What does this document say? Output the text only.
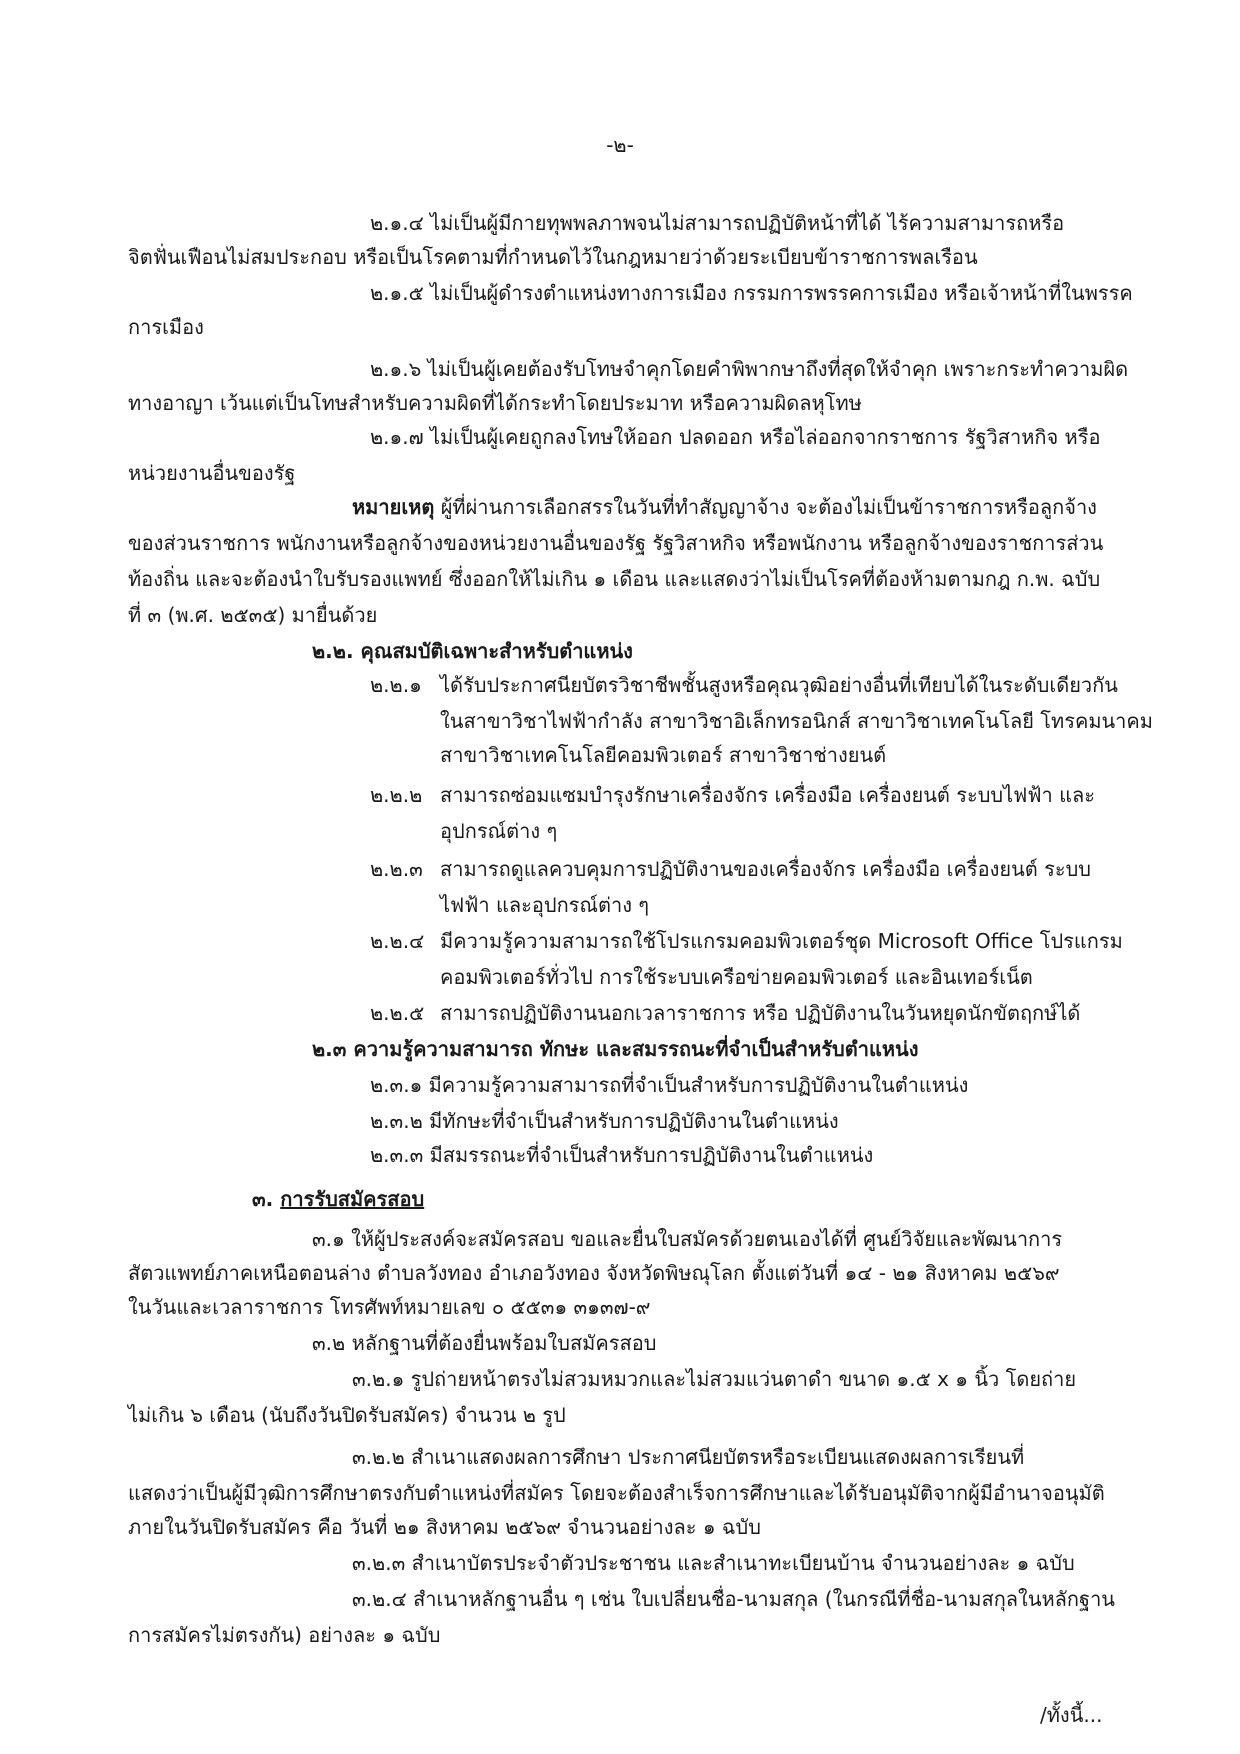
-๒-
๒.๑.๔ ไม่เป็นผู้มีกายทุพพลภาพจนไม่สามารถปฏิบัติหน้าที่ได้ ไร้ความสามารถหรือ
จิตฟั่นเฟือนไม่สมประกอบ หรือเป็นโรคตามที่กำหนดไว้ในกฎหมายว่าด้วยระเบียบข้าราชการพลเรือน
๒.๑.๕ ไม่เป็นผู้ดำรงตำแหน่งทางการเมือง กรรมการพรรคการเมือง หรือเจ้าหน้าที่ในพรรค
การเมือง
๒.๑.๖ ไม่เป็นผู้เคยต้องรับโทษจำคุกโดยคำพิพากษาถึงที่สุดให้จำคุก เพราะกระทำความผิด
ทางอาญา เว้นแต่เป็นโทษสำหรับความผิดที่ได้กระทำโดยประมาท หรือความผิดลหุโทษ
๒.๑.๗ ไม่เป็นผู้เคยถูกลงโทษให้ออก ปลดออก หรือไล่ออกจากราชการ รัฐวิสาหกิจ หรือ
หน่วยงานอื่นของรัฐ
หมายเหตุ ผู้ที่ผ่านการเลือกสรรในวันที่ทำสัญญาจ้าง จะต้องไม่เป็นข้าราชการหรือลูกจ้าง
ของส่วนราชการ พนักงานหรือลูกจ้างของหน่วยงานอื่นของรัฐ รัฐวิสาหกิจ หรือพนักงาน หรือลูกจ้างของราชการส่วน
ท้องถิ่น และจะต้องนำใบรับรองแพทย์ ซึ่งออกให้ไม่เกิน ๑ เดือน และแสดงว่าไม่เป็นโรคที่ต้องห้ามตามกฎ ก.พ. ฉบับ
ที่ ๓ (พ.ศ. ๒๕๓๕) มายื่นด้วย
๒.๒. คุณสมบัติเฉพาะสำหรับตำแหน่ง
๒.๒.๑ ได้รับประกาศนียบัตรวิชาชีพชั้นสูงหรือคุณวุฒิอย่างอื่นที่เทียบได้ในระดับเดียวกัน
ในสาขาวิชาไฟฟ้ากำลัง สาขาวิชาอิเล็กทรอนิกส์ สาขาวิชาเทคโนโลยี โทรคมนาคม
สาขาวิชาเทคโนโลยีคอมพิวเตอร์ สาขาวิชาช่างยนต์
๒.๒.๒ สามารถซ่อมแซมบำรุงรักษาเครื่องจักร เครื่องมือ เครื่องยนต์ ระบบไฟฟ้า และ
อุปกรณ์ต่าง ๆ
๒.๒.๓ สามารถดูแลควบคุมการปฏิบัติงานของเครื่องจักร เครื่องมือ เครื่องยนต์ ระบบ
ไฟฟ้า และอุปกรณ์ต่าง ๆ
๒.๒.๔ มีความรู้ความสามารถใช้โปรแกรมคอมพิวเตอร์ชุด Microsoft Office โปรแกรม
คอมพิวเตอร์ทั่วไป การใช้ระบบเครือข่ายคอมพิวเตอร์ และอินเทอร์เน็ต
๒.๒.๕ สามารถปฏิบัติงานนอกเวลาราชการ หรือ ปฏิบัติงานในวันหยุดนักขัตฤกษ์ได้
๒.๓ ความรู้ความสามารถ ทักษะ และสมรรถนะที่จำเป็นสำหรับตำแหน่ง
๒.๓.๑ มีความรู้ความสามารถที่จำเป็นสำหรับการปฏิบัติงานในตำแหน่ง
๒.๓.๒ มีทักษะที่จำเป็นสำหรับการปฏิบัติงานในตำแหน่ง
๒.๓.๓ มีสมรรถนะที่จำเป็นสำหรับการปฏิบัติงานในตำแหน่ง
๓. การรับสมัครสอบ
๓.๑ ให้ผู้ประสงค์จะสมัครสอบ ขอและยื่นใบสมัครด้วยตนเองได้ที่ ศูนย์วิจัยและพัฒนาการ
สัตวแพทย์ภาคเหนือตอนล่าง ตำบลวังทอง อำเภอวังทอง จังหวัดพิษณุโลก ตั้งแต่วันที่ ๑๔ - ๒๑ สิงหาคม ๒๕๖๙
ในวันและเวลาราชการ โทรศัพท์หมายเลข ๐ ๕๕๓๑ ๓๑๓๗-๙
๓.๒ หลักฐานที่ต้องยื่นพร้อมใบสมัครสอบ
๓.๒.๑ รูปถ่ายหน้าตรงไม่สวมหมวกและไม่สวมแว่นตาดำ ขนาด ๑.๕ x ๑ นิ้ว โดยถ่าย
ไม่เกิน ๖ เดือน (นับถึงวันปิดรับสมัคร) จำนวน ๒ รูป
๓.๒.๒ สำเนาแสดงผลการศึกษา ประกาศนียบัตรหรือระเบียนแสดงผลการเรียนที่
แสดงว่าเป็นผู้มีวุฒิการศึกษาตรงกับตำแหน่งที่สมัคร โดยจะต้องสำเร็จการศึกษาและได้รับอนุมัติจากผู้มีอำนาจอนุมัติ
ภายในวันปิดรับสมัคร คือ วันที่ ๒๑ สิงหาคม ๒๕๖๙ จำนวนอย่างละ ๑ ฉบับ
๓.๒.๓ สำเนาบัตรประจำตัวประชาชน และสำเนาทะเบียนบ้าน จำนวนอย่างละ ๑ ฉบับ
๓.๒.๔ สำเนาหลักฐานอื่น ๆ เช่น ใบเปลี่ยนชื่อ-นามสกุล (ในกรณีที่ชื่อ-นามสกุลในหลักฐาน
การสมัครไม่ตรงกัน) อย่างละ ๑ ฉบับ
/ทั้งนี้...
